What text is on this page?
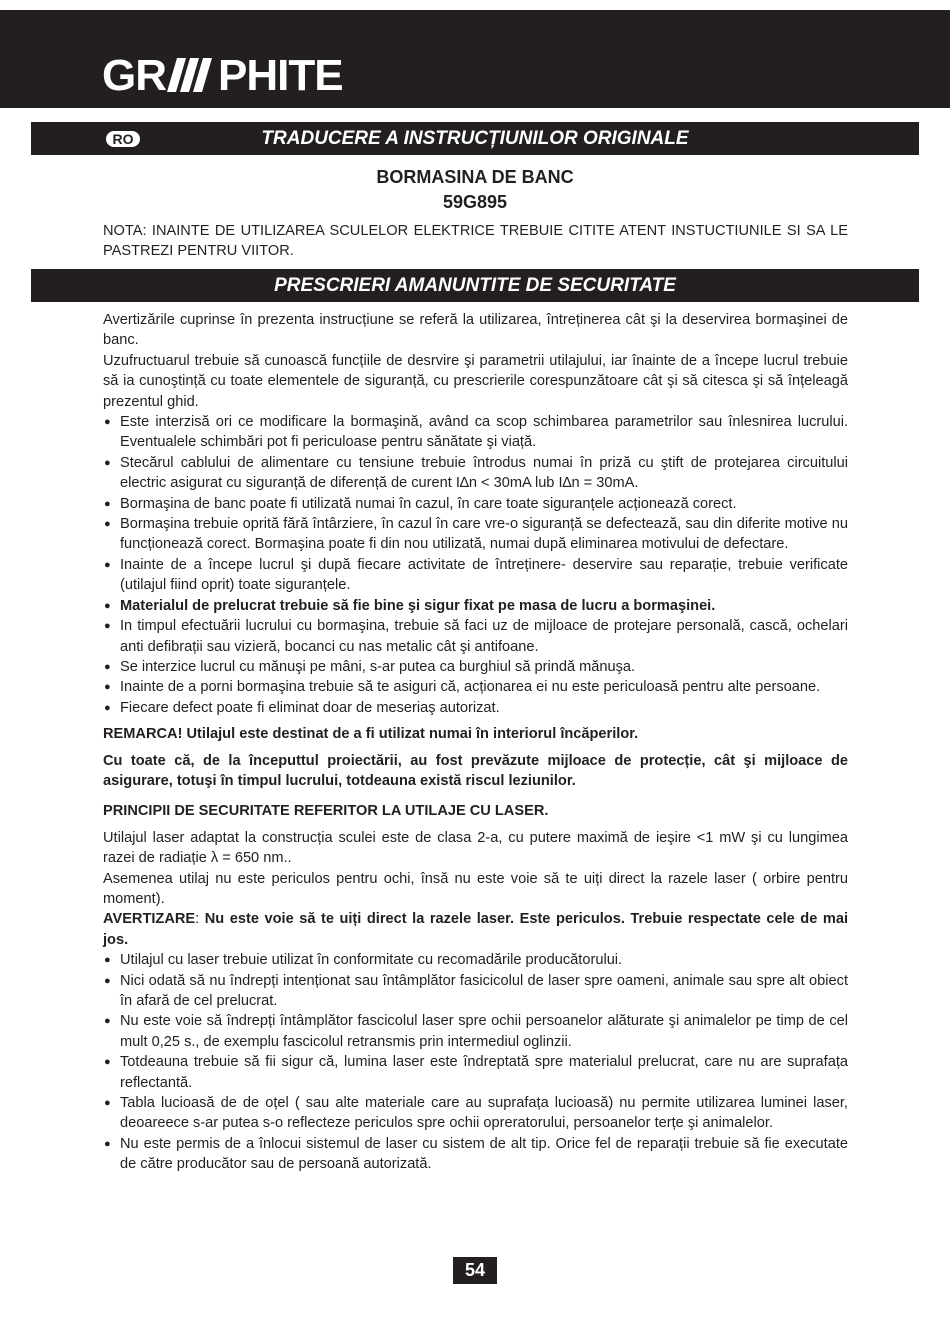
GR PHITE
RO	TRADUCERE A INSTRUCȚIUNILOR ORIGINALE
BORMASINA DE BANC
59G895
NOTA: INAINTE DE UTILIZAREA SCULELOR ELEKTRICE TREBUIE CITITE ATENT INSTUCTIUNILE SI SA LE PASTREZI PENTRU VIITOR.
PRESCRIERI AMANUNTITE DE SECURITATE

Avertizările cuprinse în prezenta instrucțiune se referă la utilizarea, întreținerea cât şi la deservirea bormaşinei de banc.

Uzufructuarul trebuie să cunoască funcțiile de desrvire şi parametrii utilajului, iar înainte de a începe lucrul trebuie să ia cunoştință cu toate elementele de siguranță, cu prescrierile corespunzătoare cât şi să citesca şi să înțeleagă prezentul ghid.

● Este interzisă ori ce modificare la bormaşină, având ca scop schimbarea parametrilor sau înlesnirea lucrului. Eventualele schimbări pot fi periculoase pentru sănătate şi viață.
● Stecărul cablului de alimentare cu tensiune trebuie întrodus numai în priză cu ştift de protejarea circuitului electric asigurat cu siguranță de diferență de curent I∆n < 30mA lub I∆n = 30mA.
● Bormaşina de banc poate fi utilizată numai în cazul, în care toate siguranțele acționează corect.
● Bormaşina trebuie oprită fără întârziere, în cazul în care vre-o siguranță se defectează, sau din diferite motive nu funcționează corect. Bormaşina poate fi din nou utilizată, numai după eliminarea motivului de defectare.
● Inainte de a începe lucrul şi după fiecare activitate de întreținere- deservire sau reparație, trebuie verificate (utilajul fiind oprit) toate siguranțele.
● Materialul de prelucrat trebuie să fie bine şi sigur fixat pe masa de lucru a bormaşinei.
● In timpul efectuării lucrului cu bormaşina, trebuie să faci uz de mijloace de protejare personală, cască, ochelari anti defibrații sau vizieră, bocanci cu nas metalic cât şi antifoane.
● Se interzice lucrul cu mănuşi pe mâni, s-ar putea ca burghiul să prindă mănuşa.
● Inainte de a porni bormaşina trebuie să te asiguri că, acționarea ei nu este periculoasă pentru alte persoane.
● Fiecare defect poate fi eliminat doar de meseriaş autorizat.

REMARCA! Utilajul este destinat de a fi utilizat numai în interiorul încăperilor.

Cu toate că, de la începuttul proiectării, au fost prevăzute mijloace de protecție, cât şi mijloace de asigurare, totuşi în timpul lucrului, totdeauna există riscul leziunilor.

PRINCIPII DE SECURITATE REFERITOR LA UTILAJE CU LASER.

Utilajul laser adaptat la construcția sculei este de clasa 2-a, cu putere maximă de ieşire <1 mW şi cu lungimea razei de radiație λ = 650 nm..

Asemenea utilaj nu este periculos pentru ochi, însă nu este voie să te uiți direct la razele laser ( orbire pentru moment).

AVERTIZARE: Nu este voie să te uiți direct la razele laser. Este periculos. Trebuie respectate cele de mai jos.

● Utilajul cu laser trebuie utilizat în conformitate cu recomadările producătorului.
● Nici odată să nu îndrepți intenționat sau întâmplător fasicicolul de laser spre oameni, animale sau spre alt obiect în afară de cel prelucrat.
● Nu este voie să îndrepți întâmplător fascicolul laser spre ochii persoanelor alăturate şi animalelor pe timp de cel mult 0,25 s., de exemplu fascicolul retransmis prin intermediul oglinzii.
● Totdeauna trebuie să fii sigur că, lumina laser este îndreptată spre materialul prelucrat, care nu are suprafața reflectantă.
● Tabla lucioasă de de oțel ( sau alte materiale care au suprafața lucioasă) nu permite utilizarea luminei laser, deoareece s-ar putea s-o reflecteze periculos spre ochii opreratorului, persoanelor terțe şi animalelor.
● Nu este permis de a înlocui sistemul de laser cu sistem de alt tip. Orice fel de reparații trebuie să fie executate de către producător sau de persoană autorizată.
54
